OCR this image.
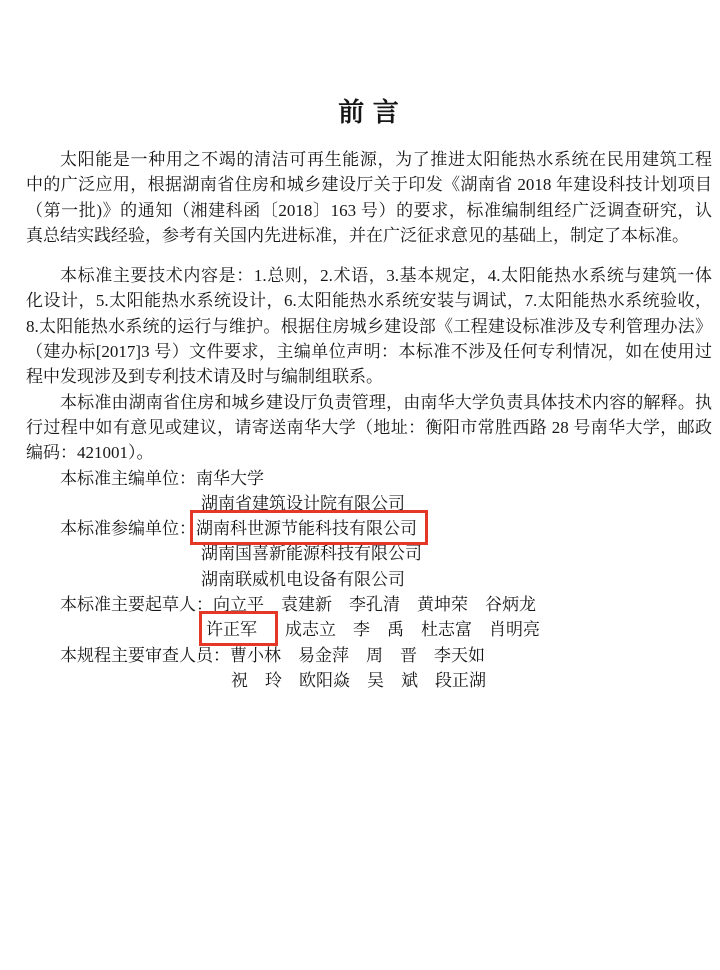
前 言
太阳能是一种用之不竭的清洁可再生能源，为了推进太阳能热水系统在民用建筑工程
中的广泛应用，根据湖南省住房和城乡建设厅关于印发《湖南省 2018 年建设科技计划项目
（第一批)》的通知（湘建科函〔2018〕163 号）的要求，标准编制组经广泛调查研究，认
真总结实践经验，参考有关国内先进标准，并在广泛征求意见的基础上，制定了本标准。
本标准主要技术内容是：1.总则，2.术语，3.基本规定，4.太阳能热水系统与建筑一体
化设计，5.太阳能热水系统设计，6.太阳能热水系统安装与调试，7.太阳能热水系统验收，
8.太阳能热水系统的运行与维护。根据住房城乡建设部《工程建设标准涉及专利管理办法》
（建办标[2017]3 号）文件要求，主编单位声明：本标准不涉及任何专利情况，如在使用过
程中发现涉及到专利技术请及时与编制组联系。
本标准由湖南省住房和城乡建设厅负责管理，由南华大学负责具体技术内容的解释。执
行过程中如有意见或建议，请寄送南华大学（地址：衡阳市常胜西路 28 号南华大学，邮政
编码：421001）。
本标准主编单位：南华大学
湖南省建筑设计院有限公司
本标准参编单位：湖南科世源节能科技有限公司
湖南国喜新能源科技有限公司
湖南联威机电设备有限公司
本标准主要起草人：向立平　袁建新　李孔清　黄坤荣　谷炳龙
许正军 成志立　李　禹　杜志富　肖明亮
本规程主要审查人员：曹小林　易金萍　周　晋　李天如
祝　玲　欧阳焱　吴　斌　段正湖
